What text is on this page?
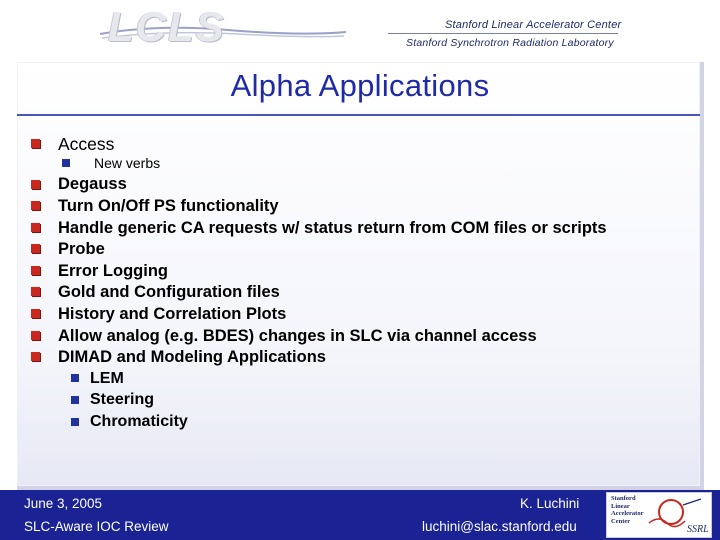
LCLS	Stanford Linear Accelerator Center
Stanford Synchrotron Radiation Laboratory
Alpha Applications
Access
New verbs
Degauss
Turn On/Off PS functionality
Handle generic CA requests w/ status return from COM files or scripts
Probe
Error Logging
Gold and Configuration files
History and Correlation Plots
Allow analog (e.g. BDES) changes in SLC via channel access
DIMAD and Modeling Applications
LEM
Steering
Chromaticity
June 3, 2005
SLC-Aware IOC Review
K. Luchini
luchini@slac.stanford.edu
Stanford
Linear
Accelerator
Center
SSRL
